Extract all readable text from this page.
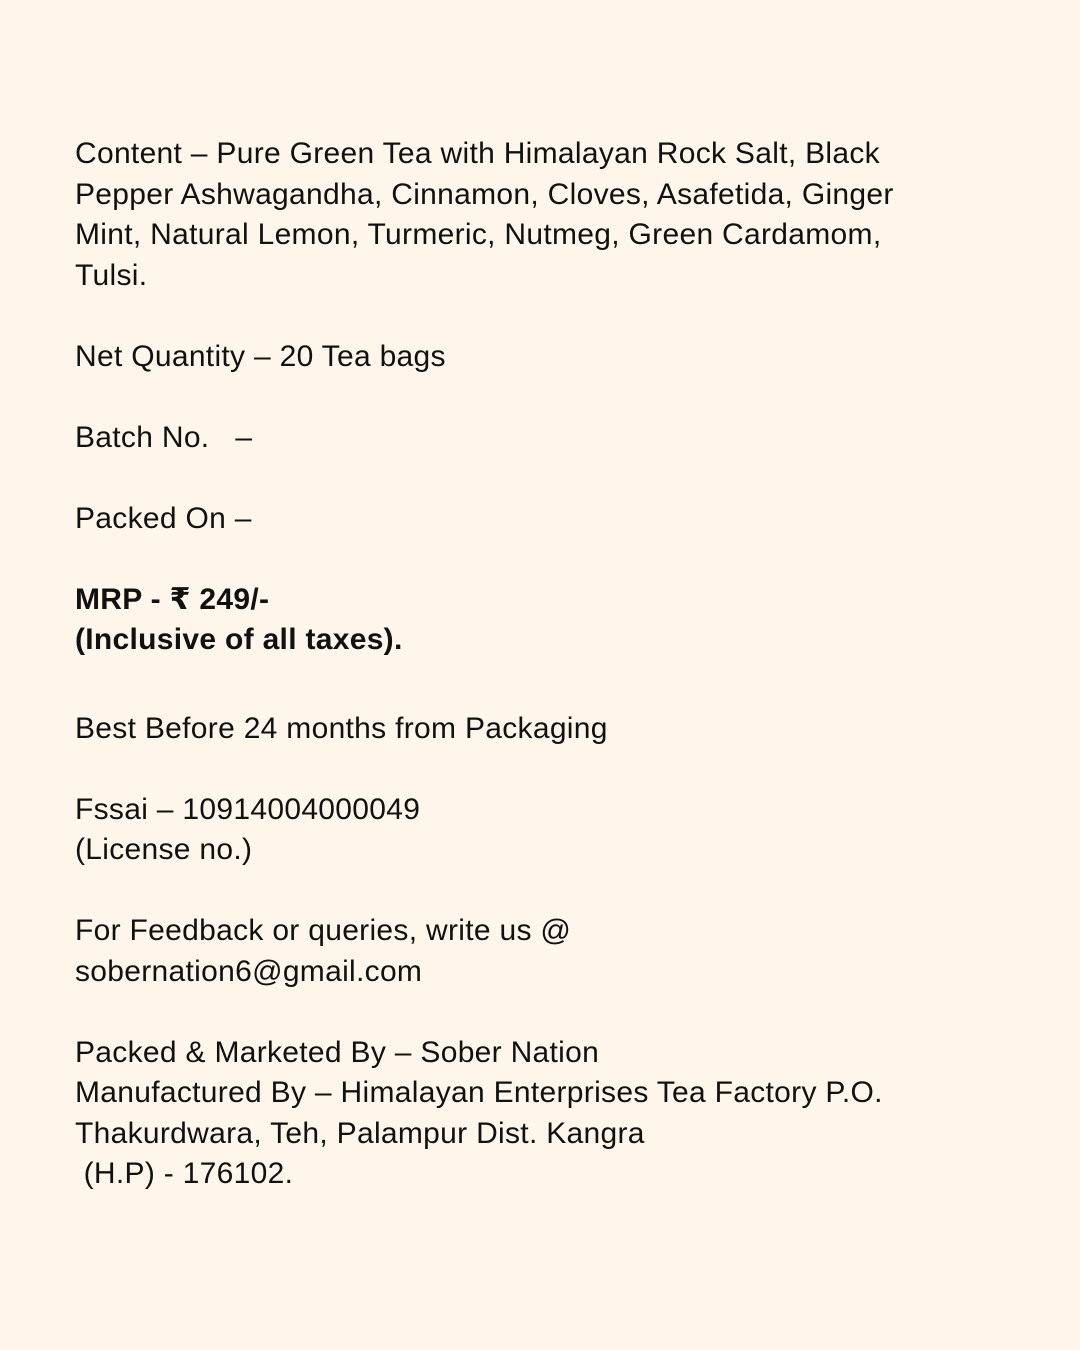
Content – Pure Green Tea with Himalayan Rock Salt, Black
Pepper Ashwagandha, Cinnamon, Cloves, Asafetida, Ginger
Mint, Natural Lemon, Turmeric, Nutmeg, Green Cardamom,
Tulsi.
Net Quantity – 20 Tea bags
Batch No.   –
Packed On –
MRP - ₹ 249/-
(Inclusive of all taxes).
Best Before 24 months from Packaging
Fssai – 10914004000049
(License no.)
For Feedback or queries, write us @
sobernation6@gmail.com
Packed & Marketed By – Sober Nation
Manufactured By – Himalayan Enterprises Tea Factory P.O.
Thakurdwara, Teh, Palampur Dist. Kangra
(H.P) - 176102.
